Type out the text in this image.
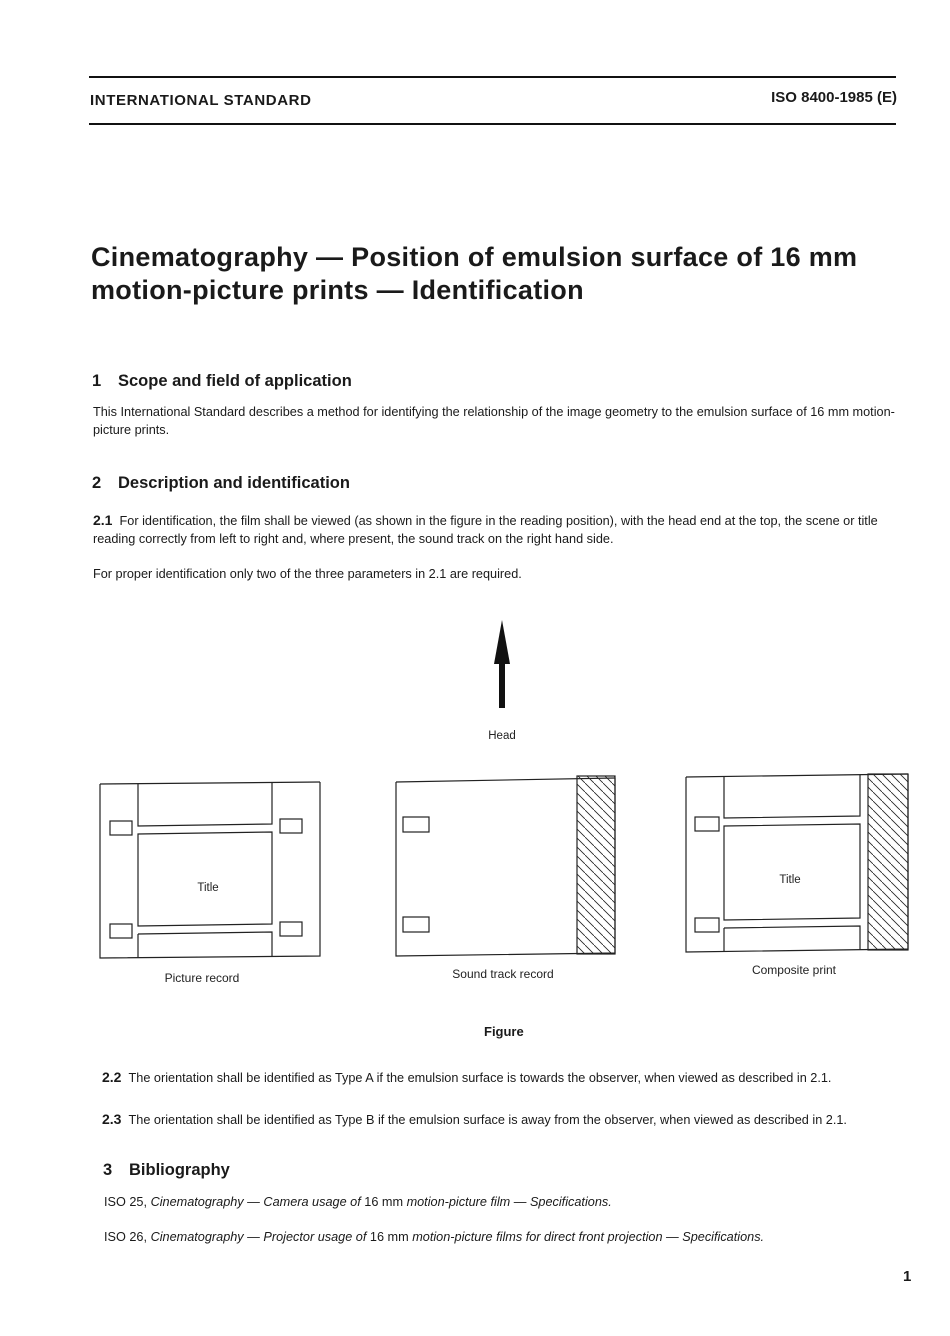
INTERNATIONAL STANDARD	ISO 8400-1985 (E)
Cinematography — Position of emulsion surface of 16 mm
motion-picture prints — Identification
1 Scope and field of application
This International Standard describes a method for identifying the relationship of the image geometry to the emulsion surface of 16 mm motion-picture prints.
2 Description and identification
2.1 For identification, the film shall be viewed (as shown in the figure in the reading position), with the head end at the top, the scene or title reading correctly from left to right and, where present, the sound track on the right hand side.
For proper identification only two of the three parameters in 2.1 are required.
Head
Title
Picture record	Sound track record
Title
Composite print
Figure
2.2 The orientation shall be identified as Type A if the emulsion surface is towards the observer, when viewed as described in 2.1.
2.3 The orientation shall be identified as Type B if the emulsion surface is away from the observer, when viewed as described in 2.1.
3 Bibliography
ISO 25, Cinematography — Camera usage of 16 mm motion-picture film — Specifications.
ISO 26, Cinematography — Projector usage of 16 mm motion-picture films for direct front projection — Specifications.
1
